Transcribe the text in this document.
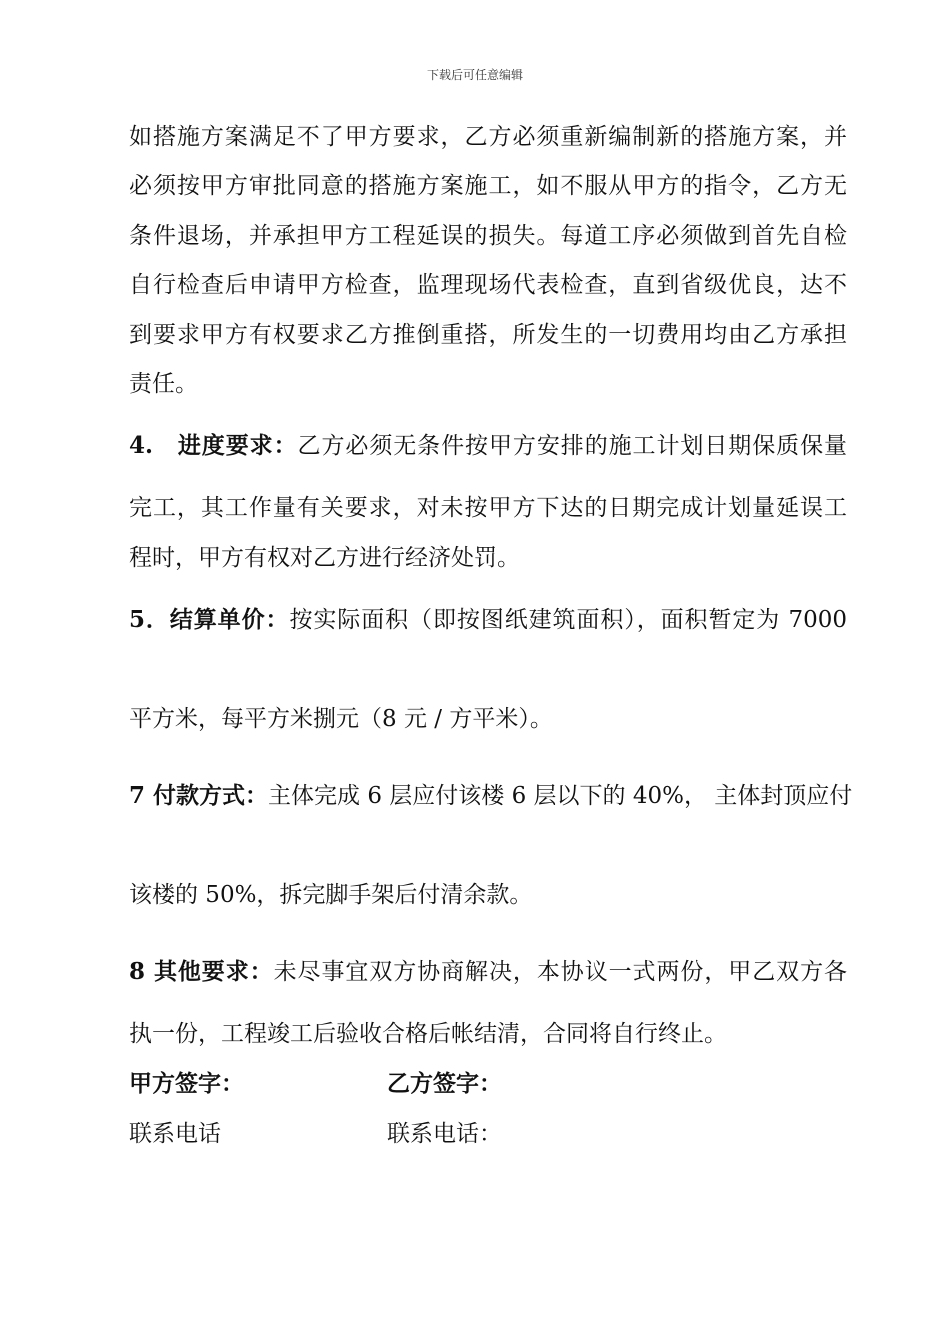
下载后可任意编辑
如搭施方案满足不了甲方要求，乙方必须重新编制新的搭施方案，并
必须按甲方审批同意的搭施方案施工，如不服从甲方的指令，乙方无
条件退场，并承担甲方工程延误的损失。每道工序必须做到首先自检
自行检查后申请甲方检查，监理现场代表检查，直到省级优良，达不
到要求甲方有权要求乙方推倒重搭，所发生的一切费用均由乙方承担
责任。
4.　进度要求：乙方必须无条件按甲方安排的施工计划日期保质保量
完工，其工作量有关要求，对未按甲方下达的日期完成计划量延误工
程时，甲方有权对乙方进行经济处罚。
5．结算单价：按实际面积（即按图纸建筑面积），面积暂定为 7000
平方米，每平方米捌元（8 元 / 方平米）。
7 付款方式：主体完成 6 层应付该楼 6 层以下的 40%， 主体封顶应付
该楼的 50%，拆完脚手架后付清余款。
8 其他要求：未尽事宜双方协商解决，本协议一式两份，甲乙双方各
执一份，工程竣工后验收合格后帐结清，合同将自行终止。
甲方签字：	乙方签字：
联系电话	联系电话：
